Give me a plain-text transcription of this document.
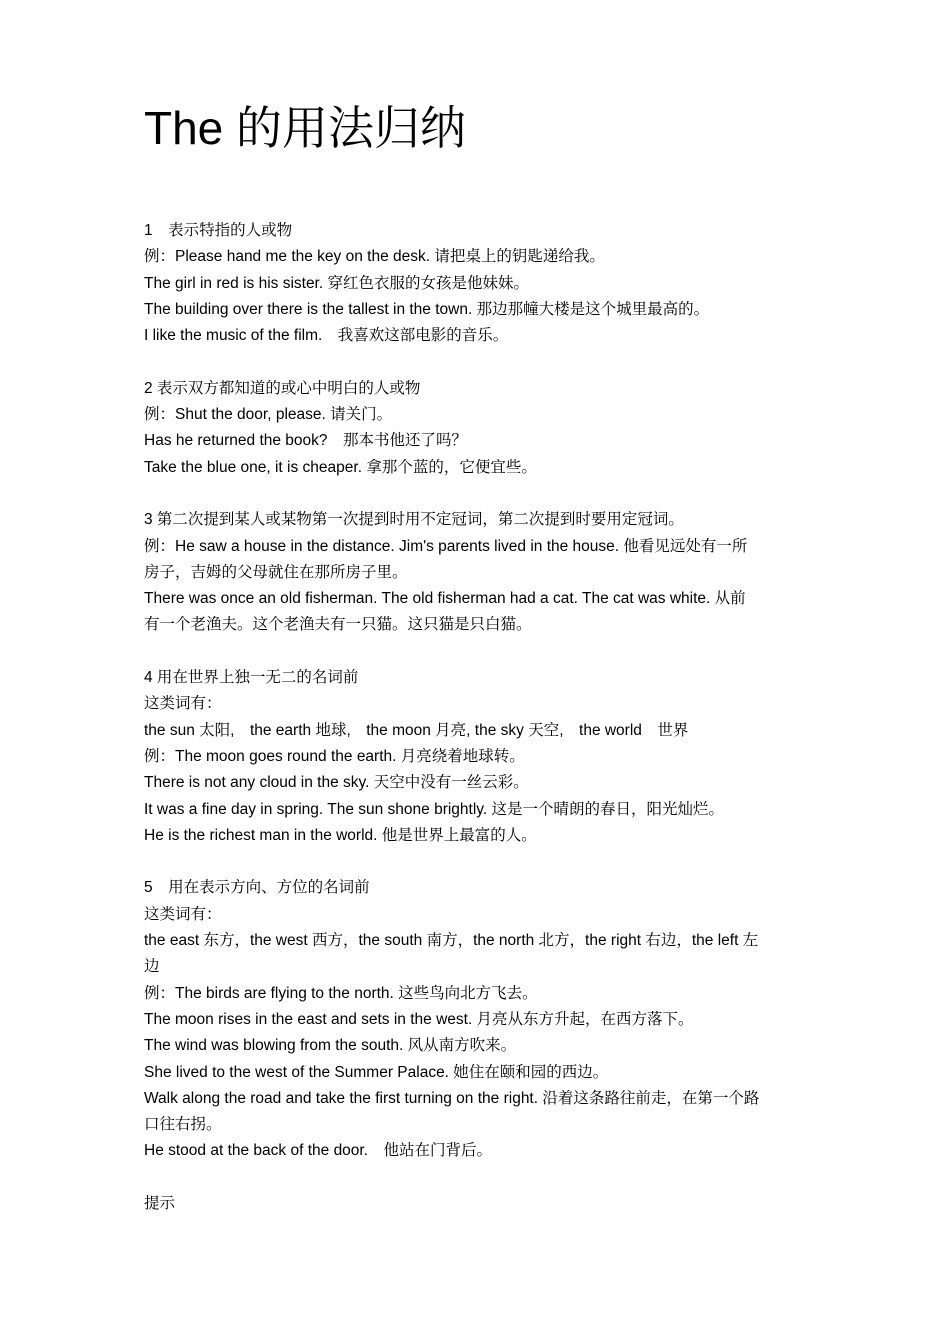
The 的用法归纳
1　表示特指的人或物
例：Please hand me the key on the desk. 请把桌上的钥匙递给我。
The girl in red is his sister. 穿红色衣服的女孩是他妹妹。
The building over there is the tallest in the town. 那边那幢大楼是这个城里最高的。
I like the music of the film.　我喜欢这部电影的音乐。
2 表示双方都知道的或心中明白的人或物
例：Shut the door, please. 请关门。
Has he returned the book?　那本书他还了吗？
Take the blue one, it is cheaper. 拿那个蓝的，它便宜些。
3 第二次提到某人或某物第一次提到时用不定冠词，第二次提到时要用定冠词。
例：He saw a house in the distance. Jim's parents lived in the house. 他看见远处有一所
房子，吉姆的父母就住在那所房子里。
There was once an old fisherman. The old fisherman had a cat. The cat was white. 从前
有一个老渔夫。这个老渔夫有一只猫。这只猫是只白猫。
4 用在世界上独一无二的名词前
这类词有：
the sun 太阳,　the earth 地球,　the moon 月亮, the sky 天空,　the world　世界
例：The moon goes round the earth. 月亮绕着地球转。
There is not any cloud in the sky. 天空中没有一丝云彩。
It was a fine day in spring. The sun shone brightly. 这是一个晴朗的春日，阳光灿烂。
He is the richest man in the world. 他是世界上最富的人。
5　用在表示方向、方位的名词前
这类词有：
the east 东方，the west 西方，the south 南方，the north 北方，the right 右边，the left 左
边
例：The birds are flying to the north. 这些鸟向北方飞去。
The moon rises in the east and sets in the west. 月亮从东方升起，在西方落下。
The wind was blowing from the south. 风从南方吹来。
She lived to the west of the Summer Palace. 她住在颐和园的西边。
Walk along the road and take the first turning on the right. 沿着这条路往前走，在第一个路
口往右拐。
He stood at the back of the door.　他站在门背后。
提示
